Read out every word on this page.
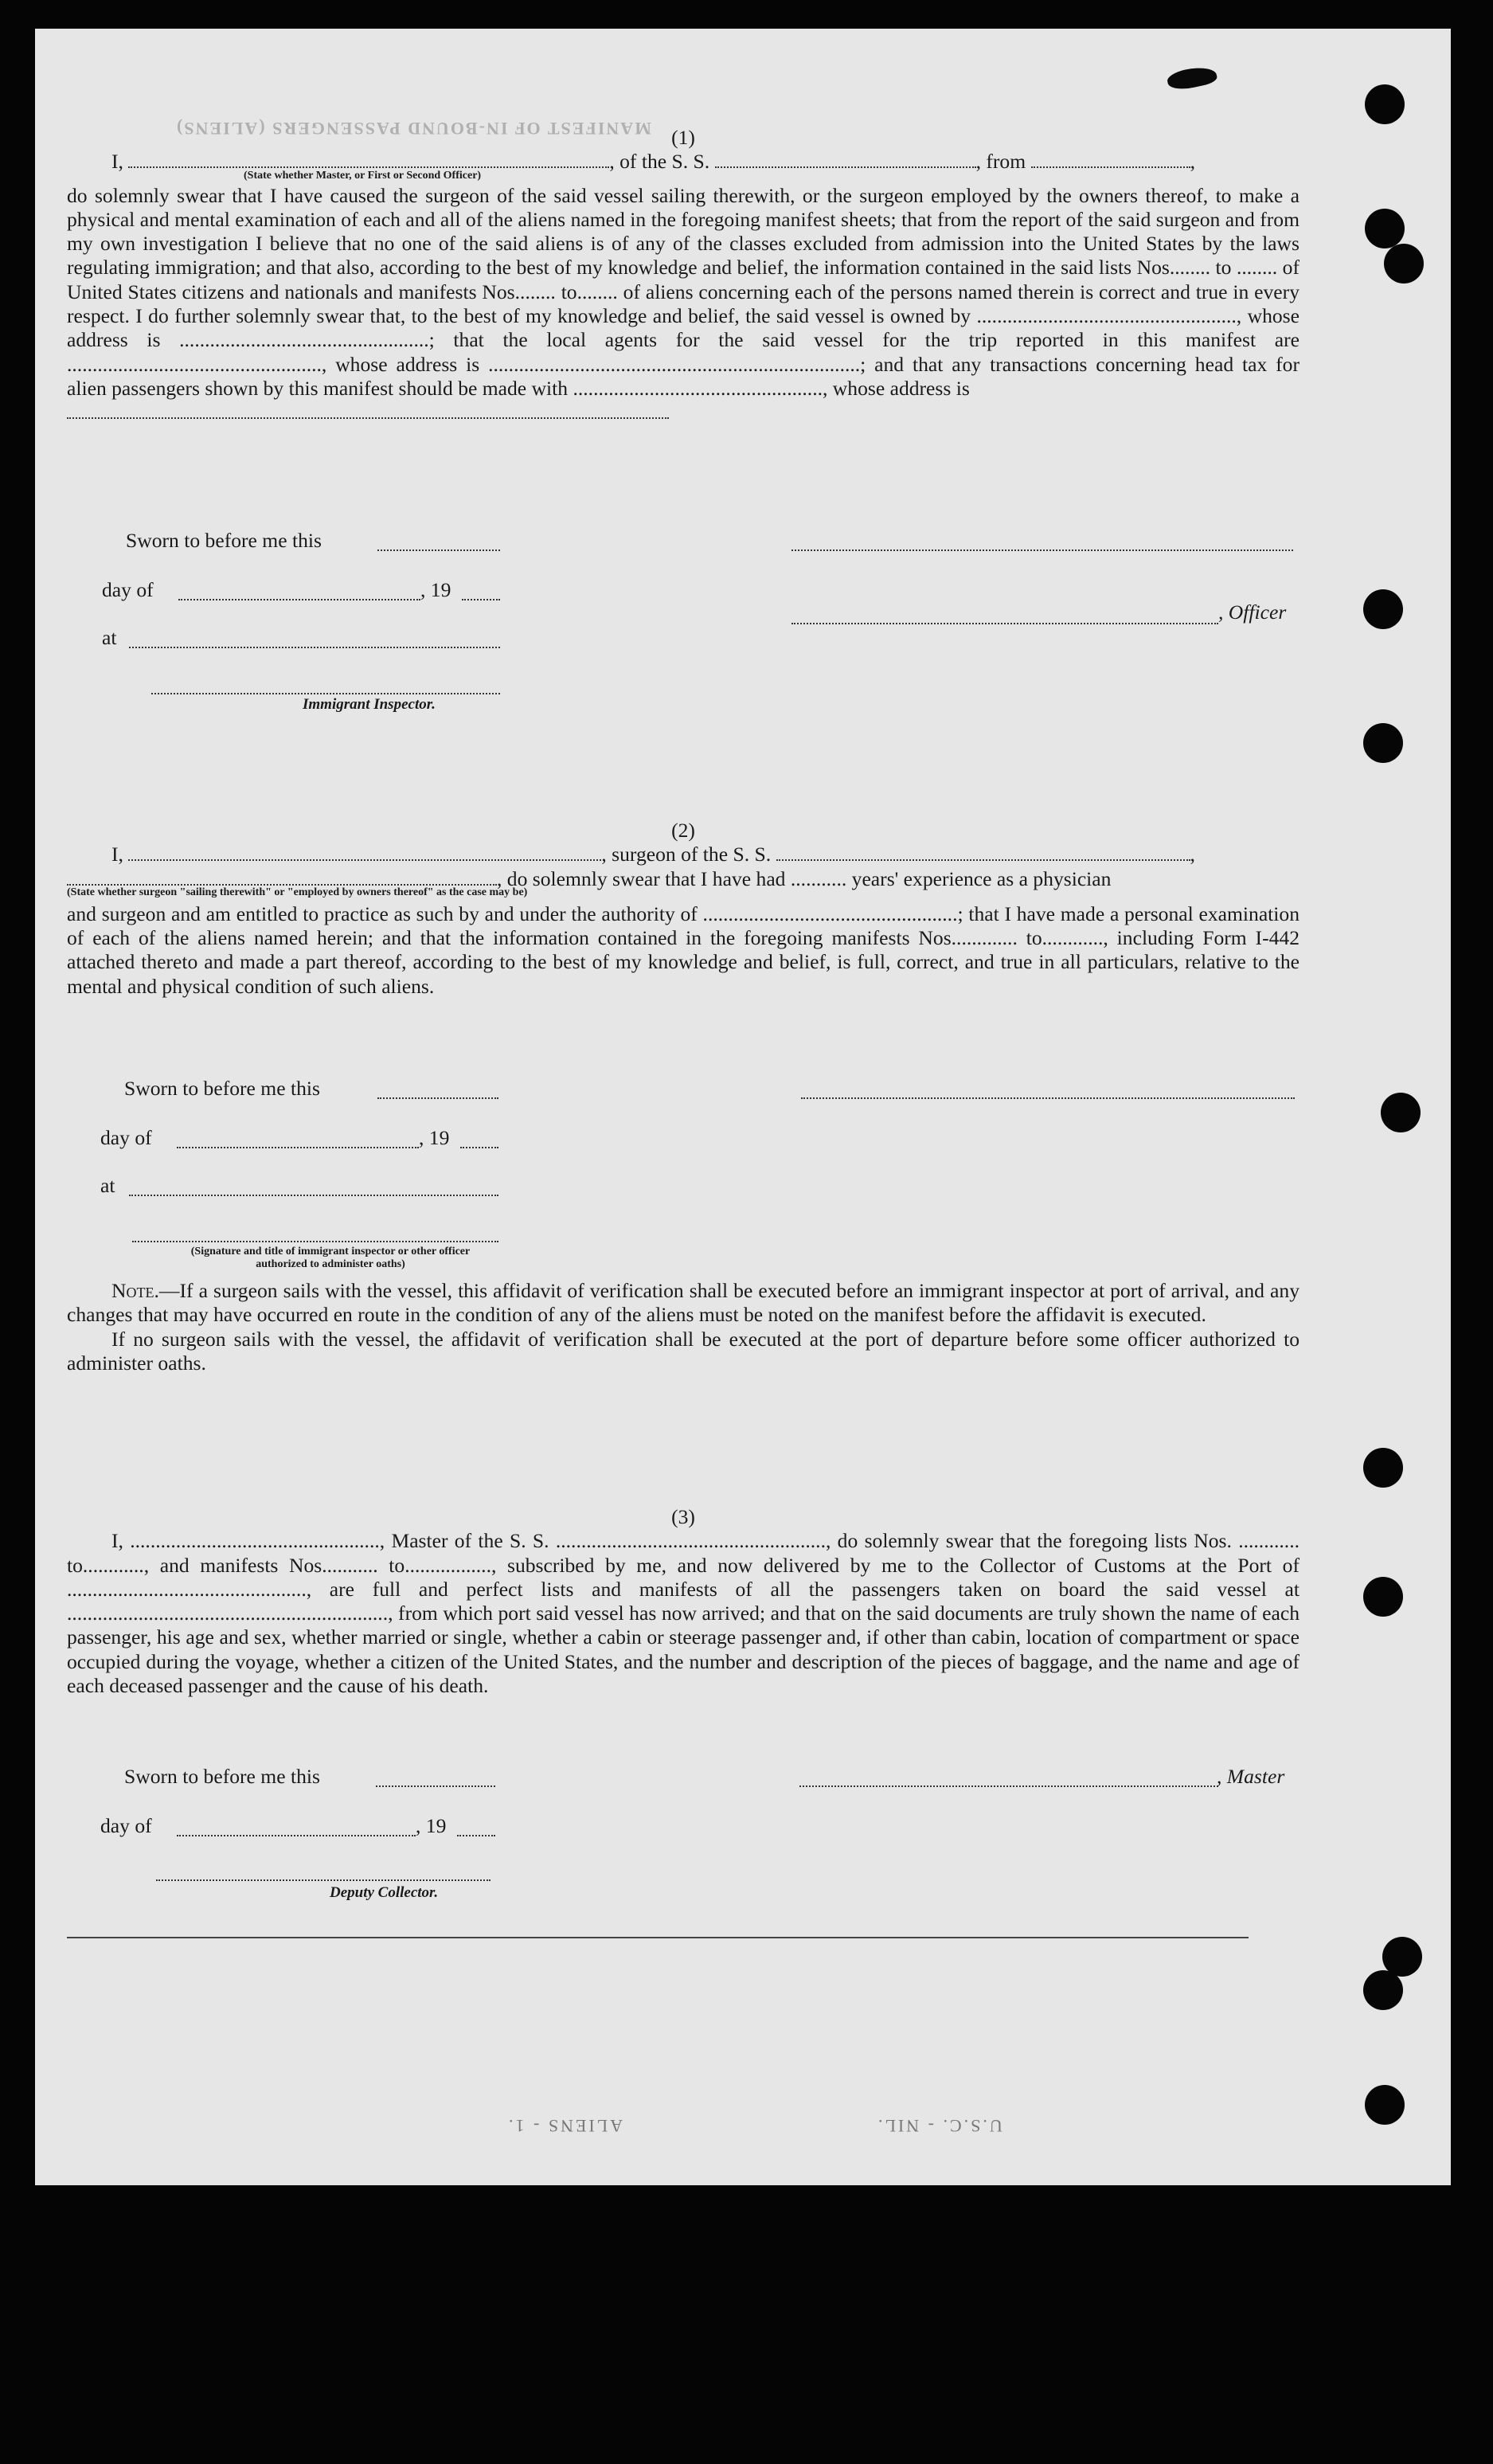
MANIFEST OF IN-BOUND PASSENGERS (ALIENS) (1)

I,	, of the S. S.	, from	,

(State whether Master, or First or Second Officer)

do solemnly swear that I have caused the surgeon of the said vessel sailing therewith, or the surgeon employed by the owners thereof, to make a physical and mental examination of each and all of the aliens named in the foregoing manifest sheets; that from the report of the said surgeon and from my own investigation I believe that no one of the said aliens is of any of the classes excluded from admission into the United States by the laws regulating immigration; and that also, according to the best of my knowledge and belief, the information contained in the said lists Nos........ to ........ of United States citizens and nationals and manifests Nos........ to........ of aliens concerning each of the persons named therein is correct and true in every respect. I do further solemnly swear that, to the best of my knowledge and belief, the said vessel is owned by ..................................................., whose address is .................................................; that the local agents for the said vessel for the trip reported in this manifest are .................................................., whose address is .........................................................................; and that any transactions concerning head tax for alien passengers shown by this manifest should be made with ................................................., whose address is

Sworn to before me this
day of	, 19
, Officer
at
Immigrant Inspector.

(2)

I,	, surgeon of the S. S.	,

, do solemnly swear that I have had ........... years' experience as a physician

(State whether surgeon "sailing therewith" or "employed by owners thereof" as the case may be)

and surgeon and am entitled to practice as such by and under the authority of ..................................................; that I have made a personal examination of each of the aliens named herein; and that the information contained in the foregoing manifests Nos............. to............, including Form I-442 attached thereto and made a part thereof, according to the best of my knowledge and belief, is full, correct, and true in all particulars, relative to the mental and physical condition of such aliens.

Sworn to before me this
day of	, 19
at
(Signature and title of immigrant inspector or other officer authorized to administer oaths)

Note.—If a surgeon sails with the vessel, this affidavit of verification shall be executed before an immigrant inspector at port of arrival, and any changes that may have occurred en route in the condition of any of the aliens must be noted on the manifest before the affidavit is executed.

If no surgeon sails with the vessel, the affidavit of verification shall be executed at the port of departure before some officer authorized to administer oaths.

(3)

I, ................................................., Master of the S. S. ....................................................., do solemnly swear that the foregoing lists Nos. ............ to............, and manifests Nos........... to................., subscribed by me, and now delivered by me to the Collector of Customs at the Port of ..............................................., are full and perfect lists and manifests of all the passengers taken on board the said vessel at ..............................................................., from which port said vessel has now arrived; and that on the said documents are truly shown the name of each passenger, his age and sex, whether married or single, whether a cabin or steerage passenger and, if other than cabin, location of compartment or space occupied during the voyage, whether a citizen of the United States, and the number and description of the pieces of baggage, and the name and age of each deceased passenger and the cause of his death.

Sworn to before me this	, Master
day of	, 19
Deputy Collector.
ALIENS - 1.	U.S.C. - NIL.
